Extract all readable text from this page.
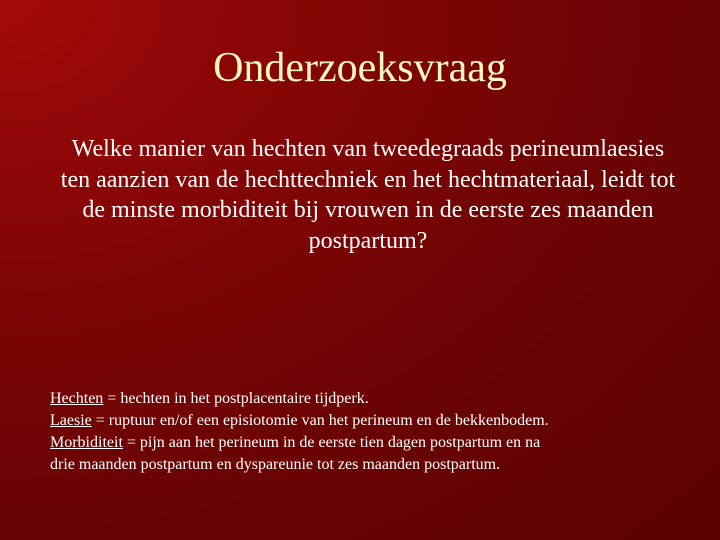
Onderzoeksvraag
Welke manier van hechten van tweedegraads perineumlaesies ten aanzien van de hechttechniek en het hechtmateriaal, leidt tot de minste morbiditeit bij vrouwen in de eerste zes maanden postpartum?
Hechten = hechten in het postplacentaire tijdperk.
Laesie = ruptuur en/of een episiotomie van het perineum en de bekkenbodem.
Morbiditeit = pijn aan het perineum in de eerste tien dagen postpartum en na
drie maanden postpartum en dyspareunie tot zes maanden postpartum.
